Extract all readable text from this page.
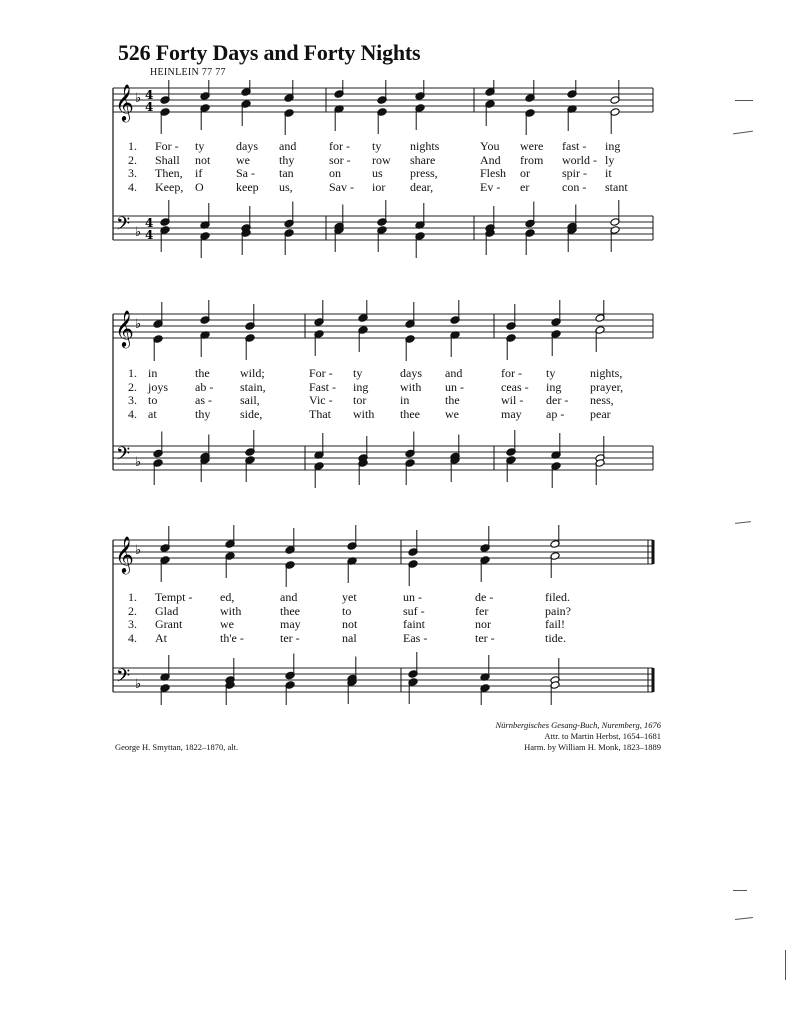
526 Forty Days and Forty Nights
HEINLEIN 77 77
𝄞
𝄢
♭
♭
4
4
4
4
𝄞
𝄢
♭
♭
𝄞
𝄢
♭
♭
1. For - ty	days and	for - ty nights	You were fast - ing
2. Shall not we thy	sor - row share	And from world - ly
3. Then, if	Sa - tan	on	us press,	Flesh or	spir - it
4. Keep, O	keep us,	Sav - ior dear,	Ev - er	con - stant
1. in	the	wild;	For - ty	days and	for - ty	nights,
2. joys ab - stain,	Fast - ing	with un -	ceas - ing prayer,
3. to	as - sail,	Vic - tor	in	the	wil - der - ness,
4. at	thy side,	That with thee we	may ap - pear
1. Tempt - ed,	and	yet	un -	de -	filed.
2. Glad	with	thee	to	suf -	fer	pain?
3. Grant	we	may	not	faint	nor	fail!
4. At	th'e -	ter -	nal	Eas -	ter -	tide.
George H. Smyttan, 1822–1870, alt.
Nürnbergisches Gesang-Buch, Nuremberg, 1676
Attr. to Martin Herbst, 1654–1681
Harm. by William H. Monk, 1823–1889
